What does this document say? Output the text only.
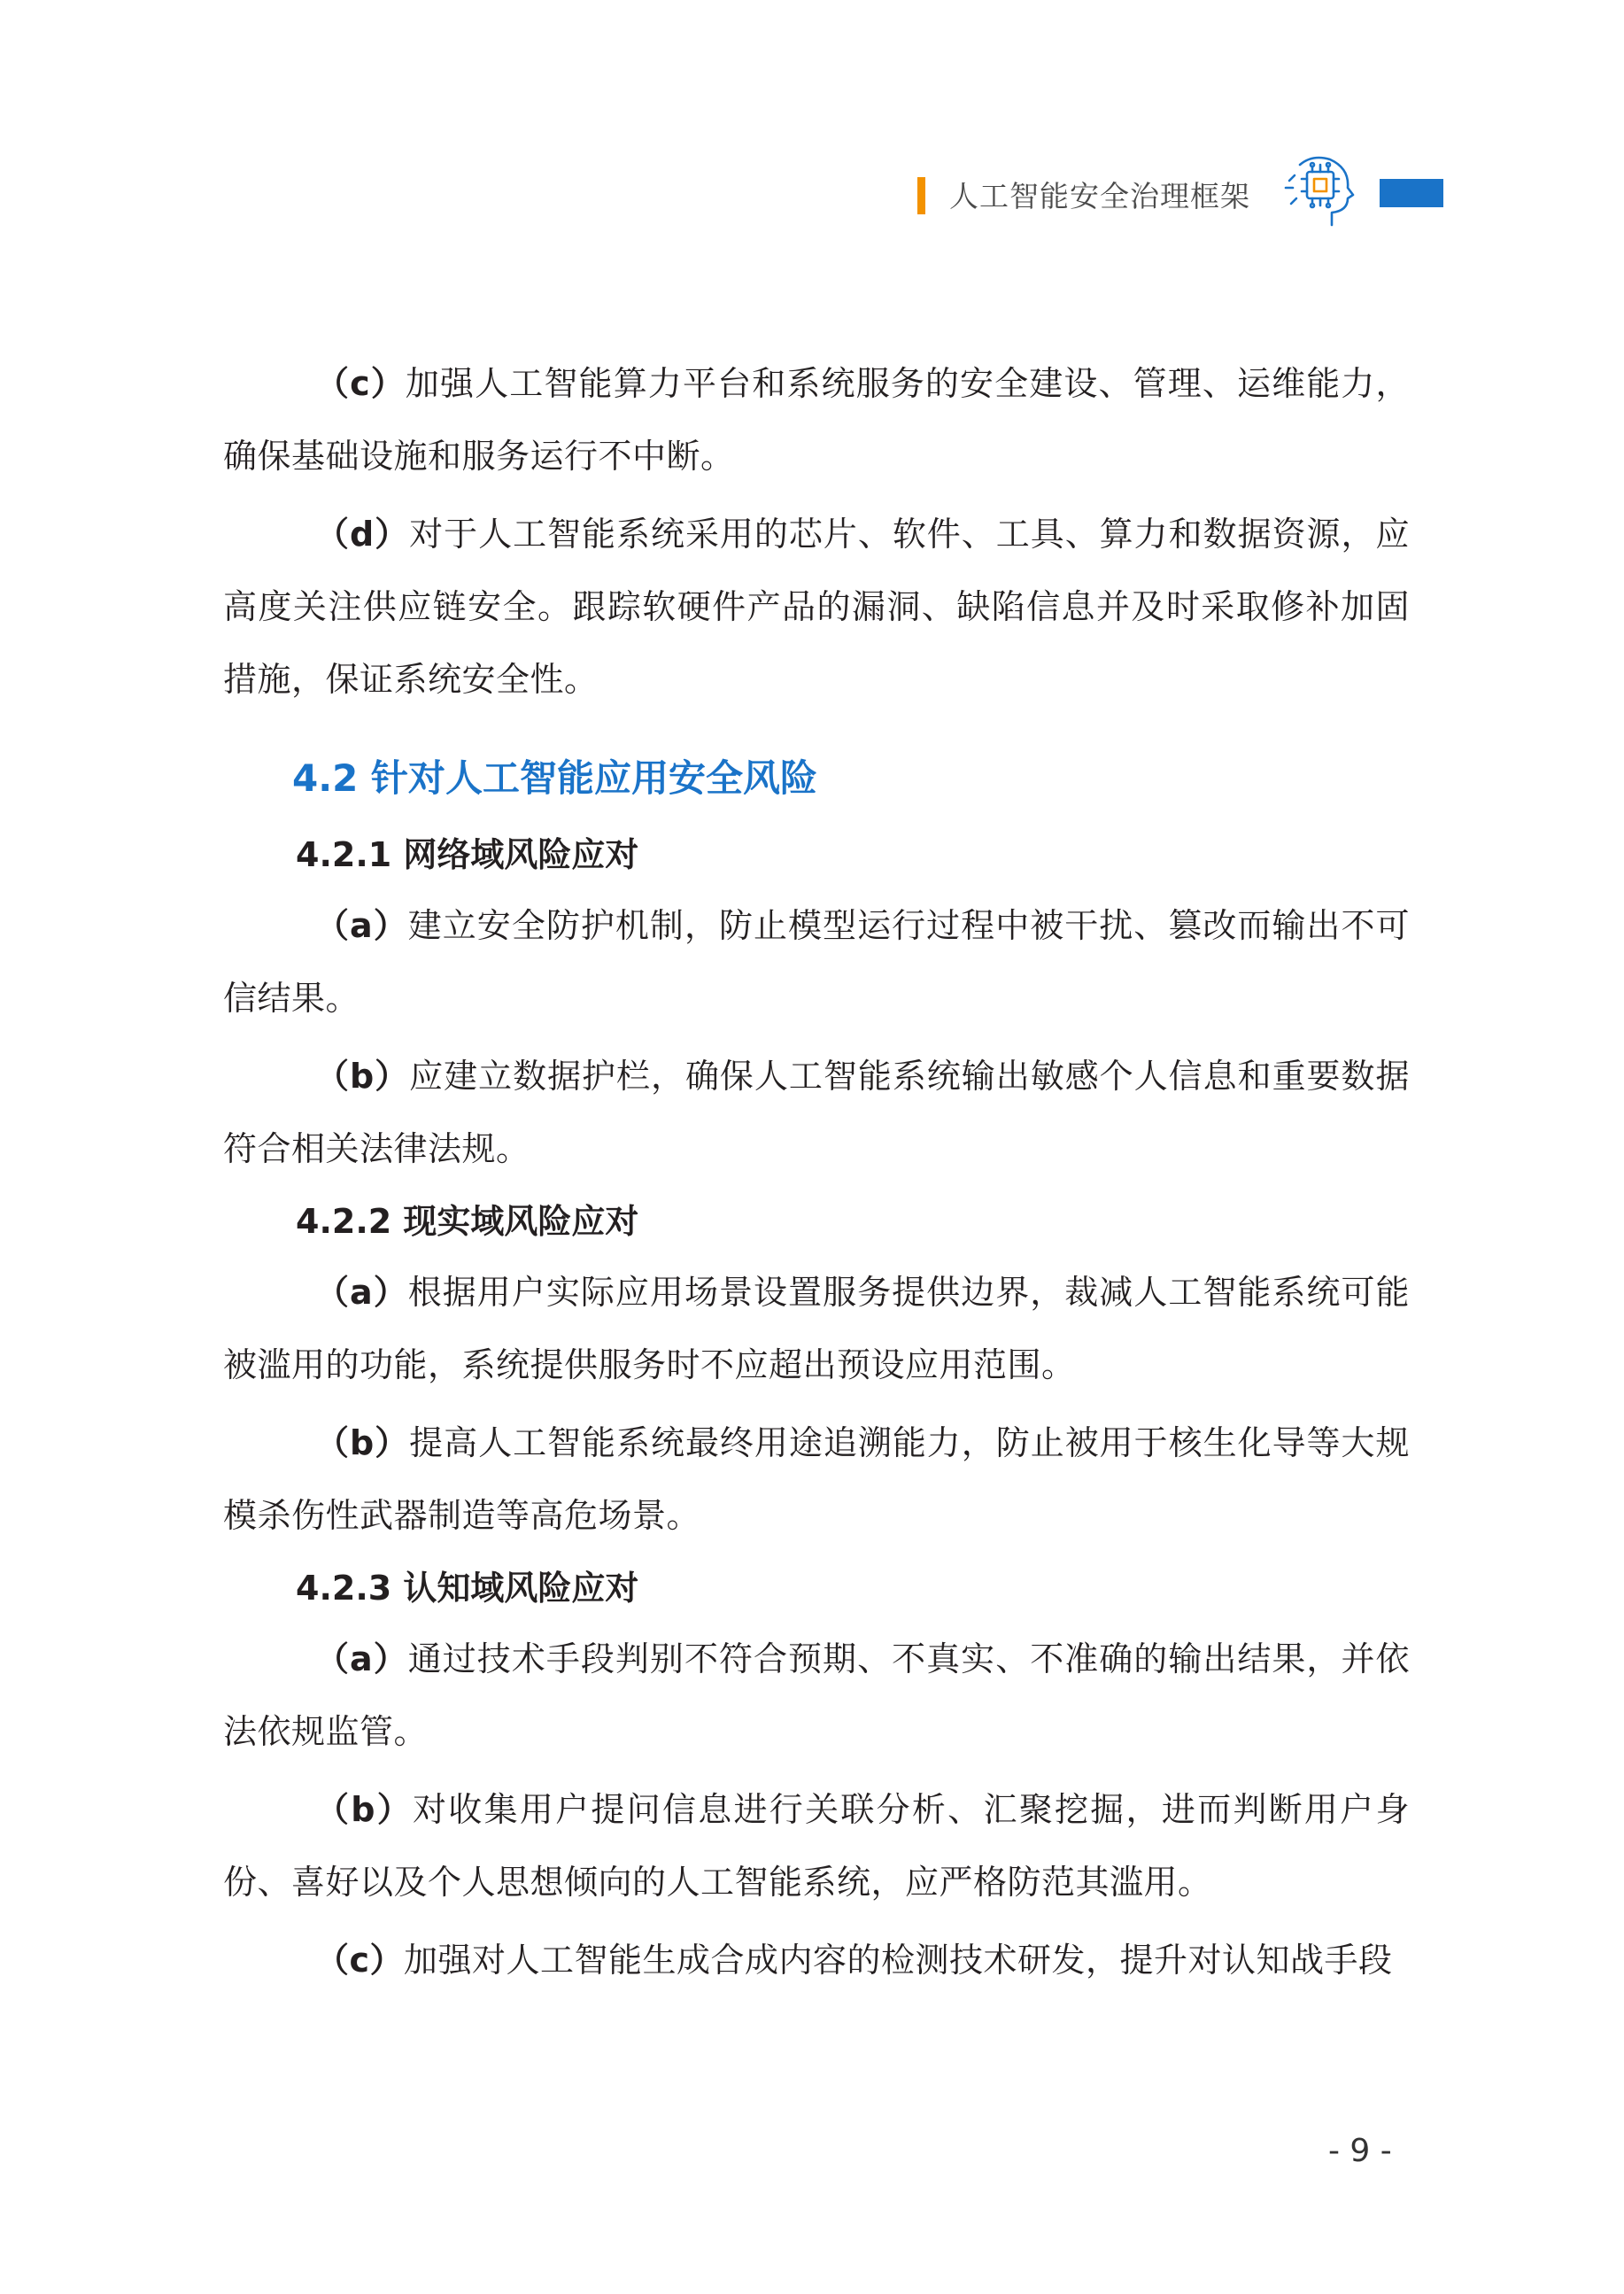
人工智能安全治理框架

（c）加强人工智能算力平台和系统服务的安全建设、管理、运维能力，确保基础设施和服务运行不中断。

（d）对于人工智能系统采用的芯片、软件、工具、算力和数据资源，应高度关注供应链安全。跟踪软硬件产品的漏洞、缺陷信息并及时采取修补加固措施，保证系统安全性。

4.2 针对人工智能应用安全风险
4.2.1 网络域风险应对

（a）建立安全防护机制，防止模型运行过程中被干扰、篡改而输出不可信结果。

（b）应建立数据护栏，确保人工智能系统输出敏感个人信息和重要数据符合相关法律法规。

4.2.2 现实域风险应对

（a）根据用户实际应用场景设置服务提供边界，裁减人工智能系统可能被滥用的功能，系统提供服务时不应超出预设应用范围。

（b）提高人工智能系统最终用途追溯能力，防止被用于核生化导等大规模杀伤性武器制造等高危场景。

4.2.3 认知域风险应对

（a）通过技术手段判别不符合预期、不真实、不准确的输出结果，并依法依规监管。

（b）对收集用户提问信息进行关联分析、汇聚挖掘，进而判断用户身份、喜好以及个人思想倾向的人工智能系统，应严格防范其滥用。

（c）加强对人工智能生成合成内容的检测技术研发，提升对认知战手段

- 9 -
